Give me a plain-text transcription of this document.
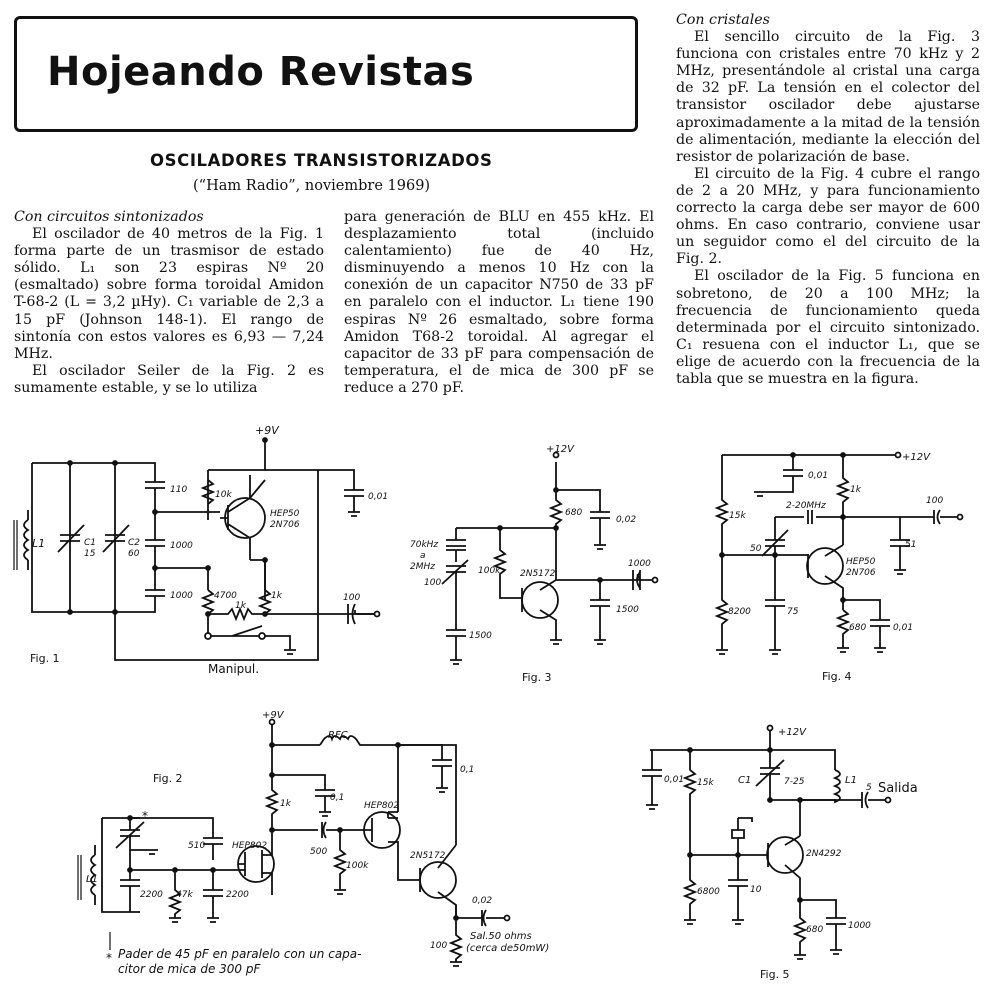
Hojeando Revistas
OSCILADORES TRANSISTORIZADOS
(“Ham Radio”, noviembre 1969)

Con circuitos sintonizados

El oscilador de 40 metros de la Fig. 1 forma parte de un trasmisor de estado sólido. L₁ son 23 espiras Nº 20 (esmaltado) sobre forma toroidal Amidon T-68-2 (L = 3,2 µHy). C₁ variable de 2,3 a 15 pF (Johnson 148-1). El rango de sintonía con estos valores es 6,93 — 7,24 MHz.

El oscilador Seiler de la Fig. 2 es sumamente estable, y se lo utiliza

para generación de BLU en 455 kHz. El desplazamiento total (incluido calentamiento) fue de 40 Hz, disminuyendo a menos 10 Hz con la conexión de un capacitor N750 de 33 pF en paralelo con el inductor. L₁ tiene 190 espiras Nº 26 esmaltado, sobre forma Amidon T68-2 toroidal. Al agregar el capacitor de 33 pF para compensación de temperatura, el de mica de 300 pF se reduce a 270 pF.

Con cristales

El sencillo circuito de la Fig. 3 funciona con cristales entre 70 kHz y 2 MHz, presentándole al cristal una carga de 32 pF. La tensión en el colector del transistor oscilador debe ajustarse aproximadamente a la mitad de la tensión de alimentación, mediante la elección del resistor de polarización de base.

El circuito de la Fig. 4 cubre el rango de 2 a 20 MHz, y para funcionamiento correcto la carga debe ser mayor de 600 ohms. En caso contrario, conviene usar un seguidor como el del circuito de la Fig. 2.

El oscilador de la Fig. 5 funciona en sobretono, de 20 a 100 MHz; la frecuencia de funcionamiento queda determinada por el circuito sintonizado. C₁ resuena con el inductor L₁, que se elige de acuerdo con la frecuencia de la tabla que se muestra en la figura.

+9V
L1	C1
15
C2
60
110
1000
1000
10k
HEP50
2N706
4700	1k
1k
0,01
100
Manipul.
Fig. 1
+12V
70kHz
a
2MHz
100
100k
680
0,02
2N5172
1000
1500
1500
Fig. 3
+12V
0,01
1k
15k
2-20MHz	100
50	51
HEP50
2N706
8200	75
680	0,01
Fig. 4
+9V
RFC
0,1
0,1
1k
Fig. 2
L1
*
510	HEP802
2200 47k	2200
500
100k
HEP802
2N5172
100
0,02
Sal.50 ohms
(cerca de50mW)
* Pader de 45 pF en paralelo con un capa-
citor de mica de 300 pF
+12V
C1	7-25	L1
5 Salida
0,01 15k
2N4292
6800	10
680	1000
Fig. 5
